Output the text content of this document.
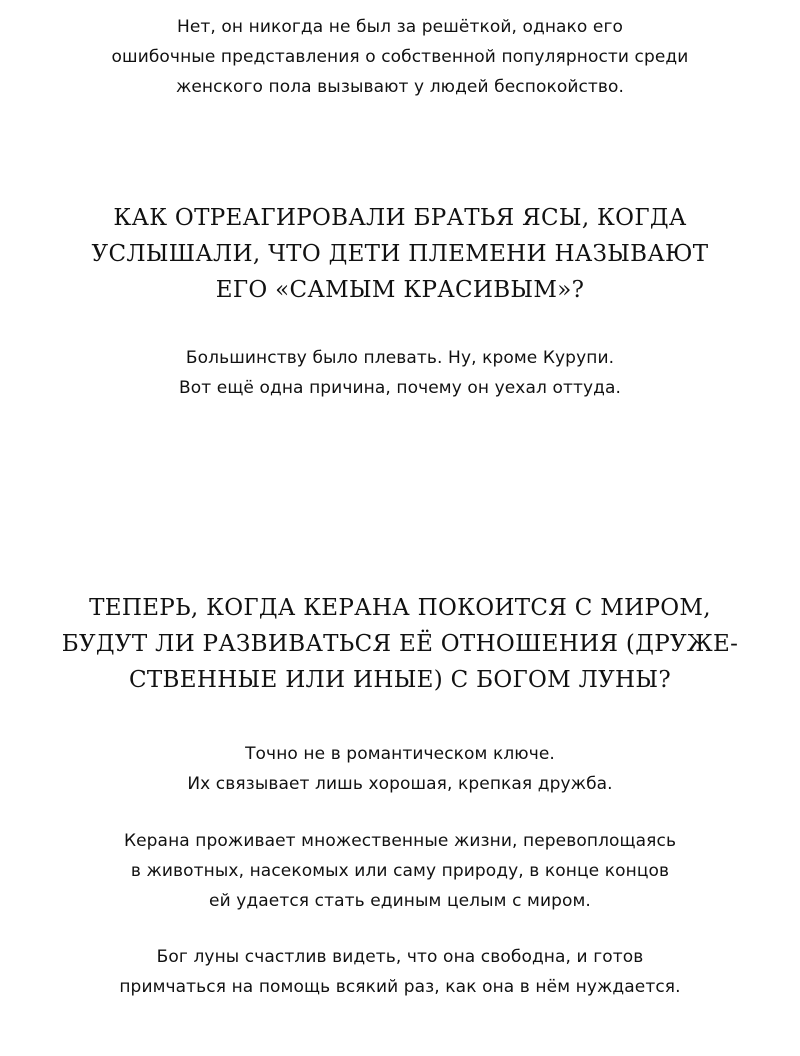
Нет, он никогда не был за решёткой, однако его
ошибочные представления о собственной популярности среди
женского пола вызывают у людей беспокойство.
КАК ОТРЕАГИРОВАЛИ БРАТЬЯ ЯСЫ, КОГДА
УСЛЫШАЛИ, ЧТО ДЕТИ ПЛЕМЕНИ НАЗЫВАЮТ
ЕГО «САМЫМ КРАСИВЫМ»?
Большинству было плевать. Ну, кроме Курупи.
Вот ещё одна причина, почему он уехал оттуда.
ТЕПЕРЬ, КОГДА КЕРАНА ПОКОИТСЯ С МИРОМ,
БУДУТ ЛИ РАЗВИВАТЬСЯ ЕЁ ОТНОШЕНИЯ (ДРУЖЕ-
СТВЕННЫЕ ИЛИ ИНЫЕ) С БОГОМ ЛУНЫ?
Точно не в романтическом ключе.
Их связывает лишь хорошая, крепкая дружба.
Керана проживает множественные жизни, перевоплощаясь
в животных, насекомых или саму природу, в конце концов
ей удается стать единым целым с миром.
Бог луны счастлив видеть, что она свободна, и готов
примчаться на помощь всякий раз, как она в нём нуждается.
